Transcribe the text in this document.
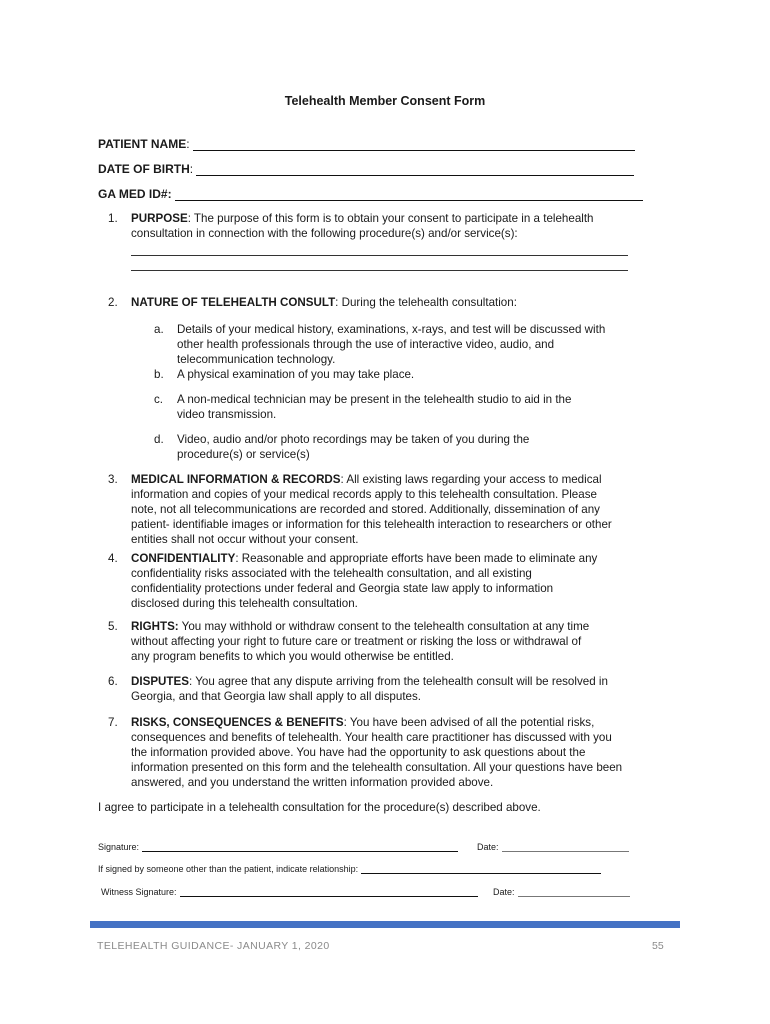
Telehealth Member Consent Form
PATIENT NAME :
DATE OF BIRTH :
GA MED ID#:
1.	PURPOSE: The purpose of this form is to obtain your consent to participate in a telehealth
consultation in connection with the following procedure(s) and/or service(s):
2.	NATURE OF TELEHEALTH CONSULT: During the telehealth consultation:
a. Details of your medical history, examinations, x-rays, and test will be discussed with
other health professionals through the use of interactive video, audio, and
telecommunication technology.
b. A physical examination of you may take place.
c. A non-medical technician may be present in the telehealth studio to aid in the
video transmission.
d. Video, audio and/or photo recordings may be taken of you during the
procedure(s) or service(s)
3.	MEDICAL INFORMATION & RECORDS: All existing laws regarding your access to medical
information and copies of your medical records apply to this telehealth consultation. Please
note, not all telecommunications are recorded and stored. Additionally, dissemination of any
patient- identifiable images or information for this telehealth interaction to researchers or other
entities shall not occur without your consent.
4.	CONFIDENTIALITY: Reasonable and appropriate efforts have been made to eliminate any
confidentiality risks associated with the telehealth consultation, and all existing
confidentiality protections under federal and Georgia state law apply to information
disclosed during this telehealth consultation.
5.	RIGHTS: You may withhold or withdraw consent to the telehealth consultation at any time
without affecting your right to future care or treatment or risking the loss or withdrawal of
any program benefits to which you would otherwise be entitled.
6.	DISPUTES: You agree that any dispute arriving from the telehealth consult will be resolved in
Georgia, and that Georgia law shall apply to all disputes.
7.	RISKS, CONSEQUENCES & BENEFITS: You have been advised of all the potential risks,
consequences and benefits of telehealth. Your health care practitioner has discussed with you
the information provided above. You have had the opportunity to ask questions about the
information presented on this form and the telehealth consultation. All your questions have been
answered, and you understand the written information provided above.
I agree to participate in a telehealth consultation for the procedure(s) described above.
Signature:	Date:
If signed by someone other than the patient, indicate relationship:
Witness Signature:	Date:
TELEHEALTH GUIDANCE- JANUARY 1, 2020	55
